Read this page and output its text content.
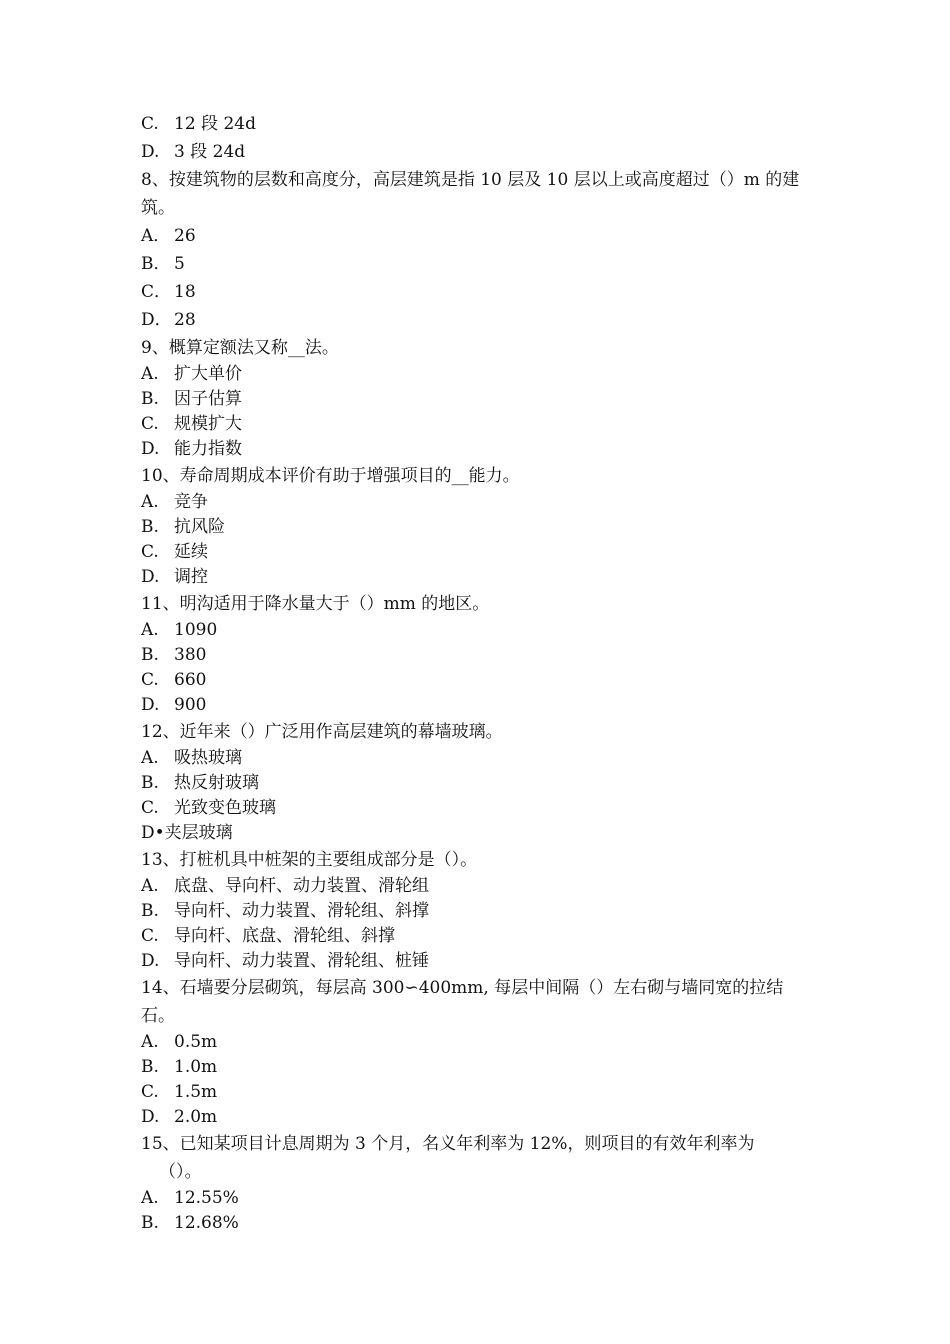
C. 12 段 24d
D. 3 段 24d
8、按建筑物的层数和高度分，高层建筑是指 10 层及 10 层以上或高度超过（）m 的建筑。
A． 26
B． 5
C． 18
D． 28
9、概算定额法又称__法。
A. 扩大单价
B. 因子估算
C. 规模扩大
D. 能力指数
10、寿命周期成本评价有助于增强项目的__能力。
A. 竞争
B. 抗风险
C. 延续
D. 调控
11、明沟适用于降水量大于（）mm 的地区。
A. 1090
B. 380
C. 660
D. 900
12、近年来（）广泛用作高层建筑的幕墙玻璃。
A. 吸热玻璃
B. 热反射玻璃
C. 光致变色玻璃
D•夹层玻璃
13、打桩机具中桩架的主要组成部分是（）。
A. 底盘、导向杆、动力装置、滑轮组
B. 导向杆、动力装置、滑轮组、斜撑
C. 导向杆、底盘、滑轮组、斜撑
D. 导向杆、动力装置、滑轮组、桩锤
14、石墙要分层砌筑，每层高 300∽400mm, 每层中间隔（）左右砌与墙同宽的拉结石。
A. 0.5m
B. 1.0m
C. 1.5m
D. 2.0m
15、已知某项目计息周期为 3 个月，名义年利率为 12%，则项目的有效年利率为
（）。
A. 12.55%
B. 12.68%
